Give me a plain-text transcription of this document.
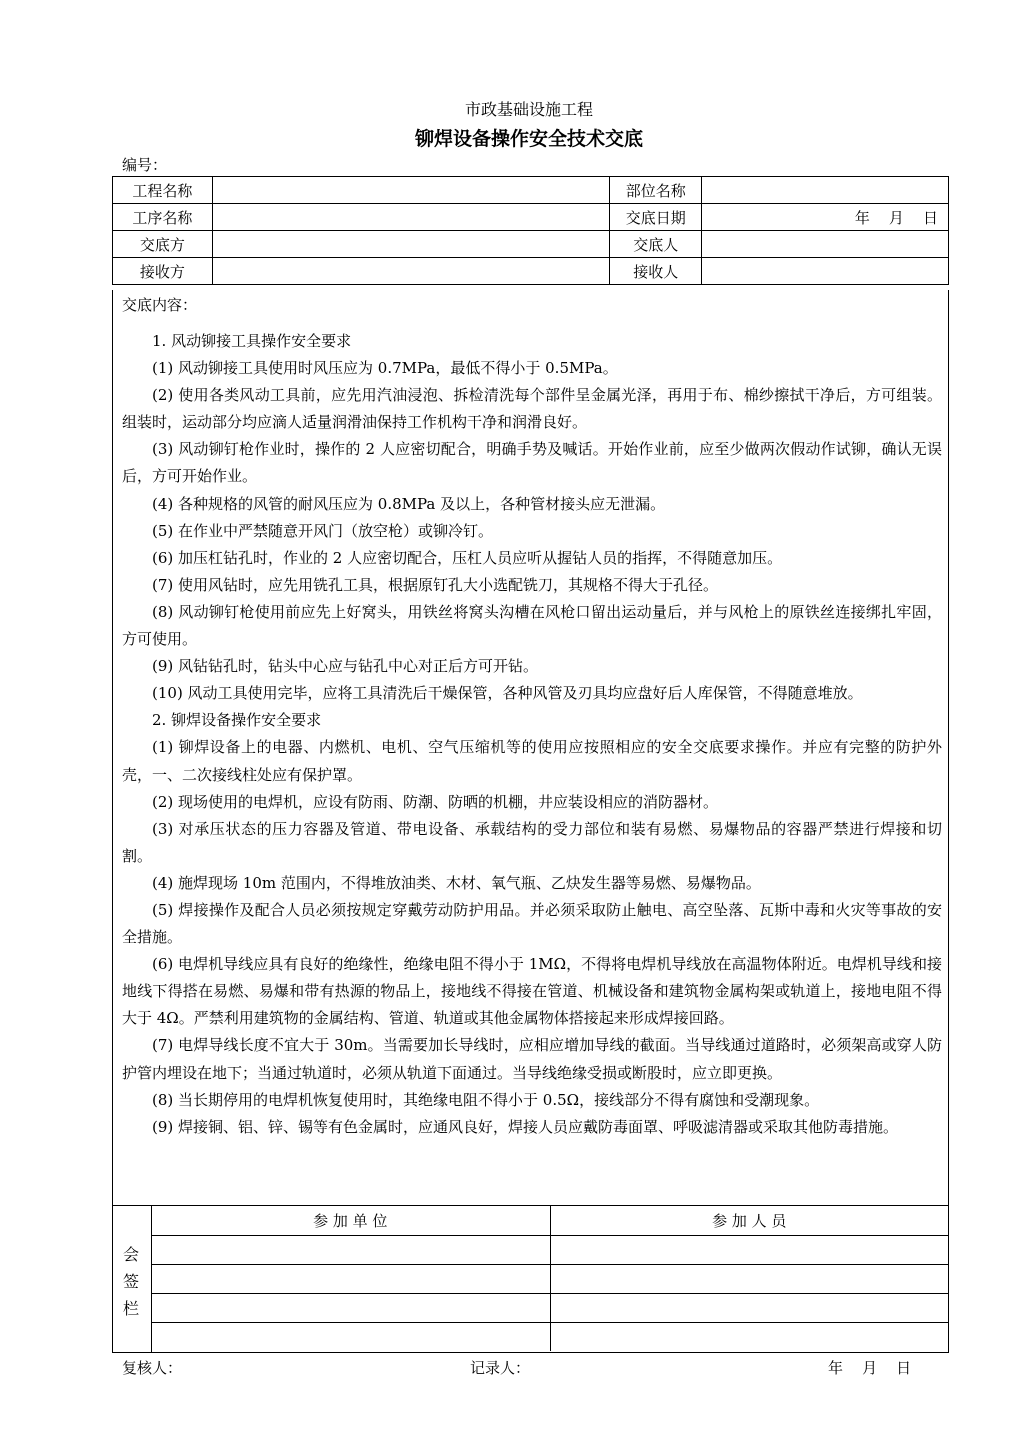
市政基础设施工程
铆焊设备操作安全技术交底
编号：
工程名称		部位名称	
工序名称		交底日期	年    月    日
交底方		交底人	
接收方		接收人	
交底内容：

1. 风动铆接工具操作安全要求

(1) 风动铆接工具使用时风压应为 0.7MPa，最低不得小于 0.5MPa。

(2) 使用各类风动工具前，应先用汽油浸泡、拆检清洗每个部件呈金属光泽，再用于布、棉纱擦拭干净后，方可组装。组装时，运动部分均应滴人适量润滑油保持工作机构干净和润滑良好。

(3) 风动铆钉枪作业时，操作的 2 人应密切配合，明确手势及喊话。开始作业前，应至少做两次假动作试铆，确认无误后，方可开始作业。

(4) 各种规格的风管的耐风压应为 0.8MPa 及以上，各种管材接头应无泄漏。

(5) 在作业中严禁随意开风门（放空枪）或铆冷钉。

(6) 加压杠钻孔时，作业的 2 人应密切配合，压杠人员应听从握钻人员的指挥，不得随意加压。

(7) 使用风钻时，应先用铣孔工具，根据原钉孔大小选配铣刀，其规格不得大于孔径。

(8) 风动铆钉枪使用前应先上好窝头，用铁丝将窝头沟槽在风枪口留出运动量后，并与风枪上的原铁丝连接绑扎牢固，方可使用。

(9) 风钻钻孔时，钻头中心应与钻孔中心对正后方可开钻。

(10) 风动工具使用完毕，应将工具清洗后干燥保管，各种风管及刃具均应盘好后人库保管，不得随意堆放。

2. 铆焊设备操作安全要求

(1) 铆焊设备上的电器、内燃机、电机、空气压缩机等的使用应按照相应的安全交底要求操作。并应有完整的防护外壳，一、二次接线柱处应有保护罩。

(2) 现场使用的电焊机，应设有防雨、防潮、防晒的机棚，井应装设相应的消防器材。

(3) 对承压状态的压力容器及管道、带电设备、承载结构的受力部位和装有易燃、易爆物品的容器严禁进行焊接和切割。

(4) 施焊现场 10m 范围内，不得堆放油类、木材、氧气瓶、乙炔发生器等易燃、易爆物品。

(5) 焊接操作及配合人员必须按规定穿戴劳动防护用品。并必须采取防止触电、高空坠落、瓦斯中毒和火灾等事故的安全措施。

(6) 电焊机导线应具有良好的绝缘性，绝缘电阻不得小于 1MΩ，不得将电焊机导线放在高温物体附近。电焊机导线和接地线下得搭在易燃、易爆和带有热源的物品上，接地线不得接在管道、机械设备和建筑物金属构架或轨道上，接地电阻不得大于 4Ω。严禁利用建筑物的金属结构、管道、轨道或其他金属物体搭接起来形成焊接回路。

(7) 电焊导线长度不宜大于 30m。当需要加长导线时，应相应增加导线的截面。当导线通过道路时，必须架高或穿人防护管内埋设在地下；当通过轨道时，必须从轨道下面通过。当导线绝缘受损或断股时，应立即更换。

(8) 当长期停用的电焊机恢复使用时，其绝缘电阻不得小于 0.5Ω，接线部分不得有腐蚀和受潮现象。

(9) 焊接铜、铝、锌、锡等有色金属时，应通风良好，焊接人员应戴防毒面罩、呼吸滤清器或采取其他防毒措施。

会
签
栏
参 加 单 位	参 加 人 员

复核人：	记录人：	年    月    日
